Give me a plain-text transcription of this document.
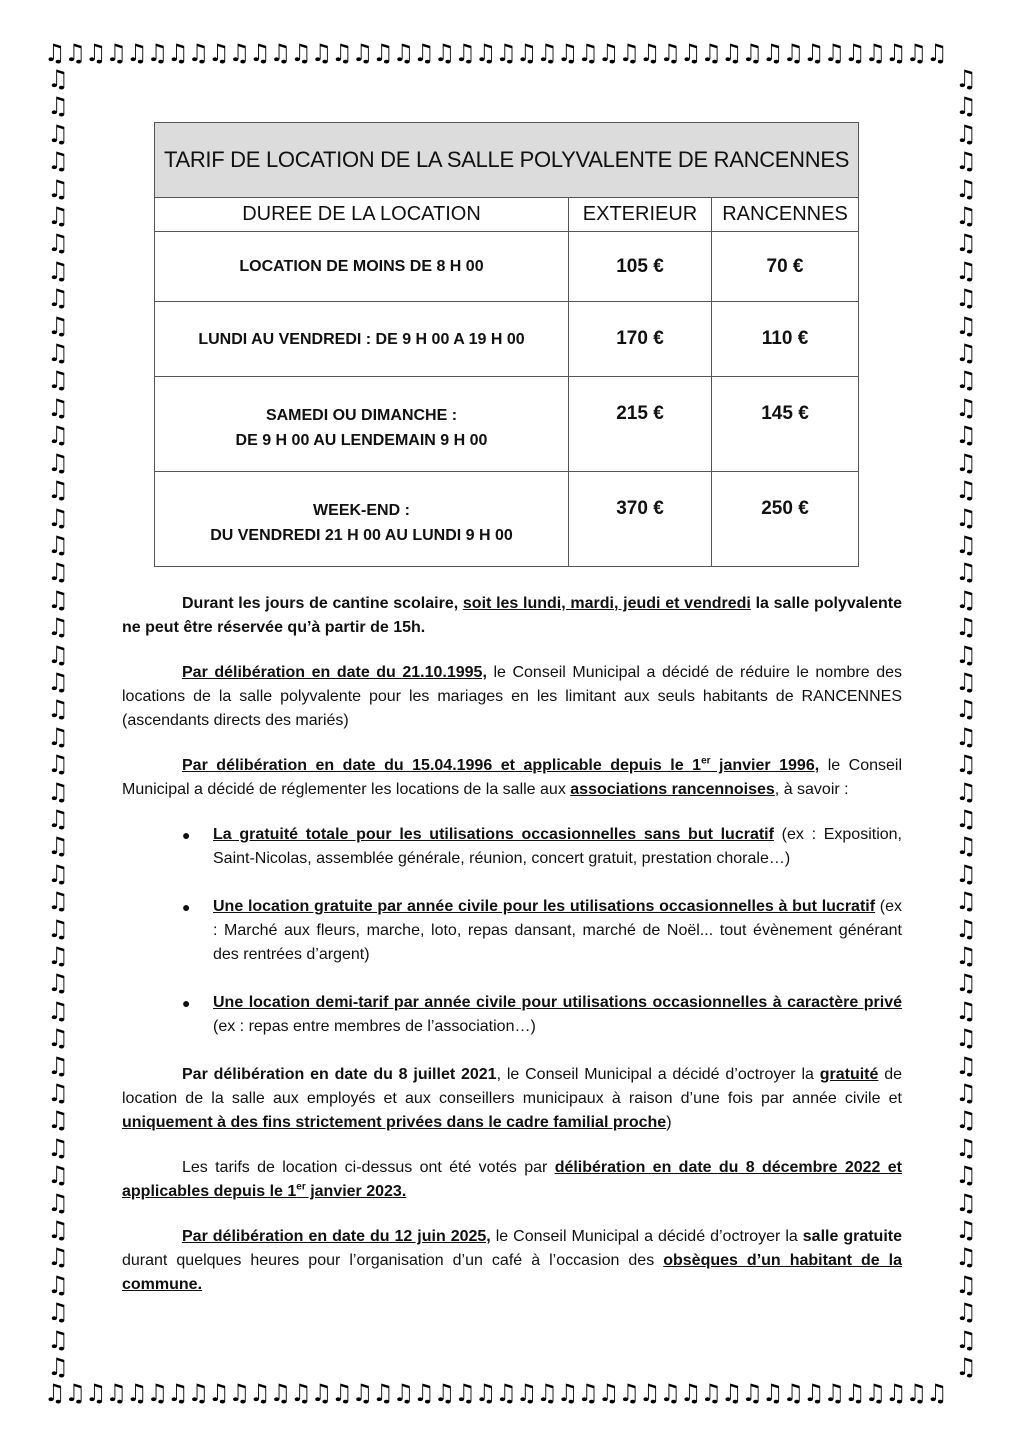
♫♫♫♫♫♫♫♫♫♫♫♫♫♫♫♫♫♫♫♫♫♫♫♫♫♫♫♫♫♫♫♫♫♫♫♫♫♫♫♫♫♫♫♫
♫♫♫♫♫♫♫♫♫♫♫♫♫♫♫♫♫♫♫♫♫♫♫♫♫♫♫♫♫♫♫♫♫♫♫♫♫♫♫♫♫♫♫♫
♫♫♫♫♫♫♫♫♫♫♫♫♫♫♫♫♫♫♫♫♫♫♫♫♫♫♫♫♫♫♫♫♫♫♫♫♫♫♫♫♫♫♫♫♫♫♫♫
♫♫♫♫♫♫♫♫♫♫♫♫♫♫♫♫♫♫♫♫♫♫♫♫♫♫♫♫♫♫♫♫♫♫♫♫♫♫♫♫♫♫♫♫♫♫♫♫
TARIF DE LOCATION DE LA SALLE POLYVALENTE DE RANCENNES		
DUREE DE LA LOCATION	EXTERIEUR	RANCENNES
LOCATION DE MOINS DE 8 H 00	105 €	70 €
LUNDI AU VENDREDI : DE 9 H 00 A 19 H 00	170 €	110 €

SAMEDI OU DIMANCHE :
DE 9 H 00 AU LENDEMAIN 9 H 00	215 €	145 €

WEEK-END :
DU VENDREDI 21 H 00 AU LUNDI 9 H 00	370 €	250 €

Durant les jours de cantine scolaire, soit les lundi, mardi, jeudi et vendredi la salle polyvalente ne peut être réservée qu’à partir de 15h.

Par délibération en date du 21.10.1995, le Conseil Municipal a décidé de réduire le nombre des locations de la salle polyvalente pour les mariages en les limitant aux seuls habitants de RANCENNES (ascendants directs des mariés)

Par délibération en date du 15.04.1996 et applicable depuis le 1er janvier 1996, le Conseil Municipal a décidé de réglementer les locations de la salle aux associations rancennoises, à savoir :

● La gratuité totale pour les utilisations occasionnelles sans but lucratif (ex : Exposition, Saint-Nicolas, assemblée générale, réunion, concert gratuit, prestation chorale…)
● Une location gratuite par année civile pour les utilisations occasionnelles à but lucratif (ex : Marché aux fleurs, marche, loto, repas dansant, marché de Noël... tout évènement générant des rentrées d’argent)
● Une location demi-tarif par année civile pour utilisations occasionnelles à caractère privé (ex : repas entre membres de l’association…)

Par délibération en date du 8 juillet 2021, le Conseil Municipal a décidé d’octroyer la gratuité de location de la salle aux employés et aux conseillers municipaux à raison d’une fois par année civile et uniquement à des fins strictement privées dans le cadre familial proche)

Les tarifs de location ci-dessus ont été votés par délibération en date du 8 décembre 2022 et applicables depuis le 1er janvier 2023.

Par délibération en date du 12 juin 2025, le Conseil Municipal a décidé d’octroyer la salle gratuite durant quelques heures pour l’organisation d’un café à l’occasion des obsèques d’un habitant de la commune.
